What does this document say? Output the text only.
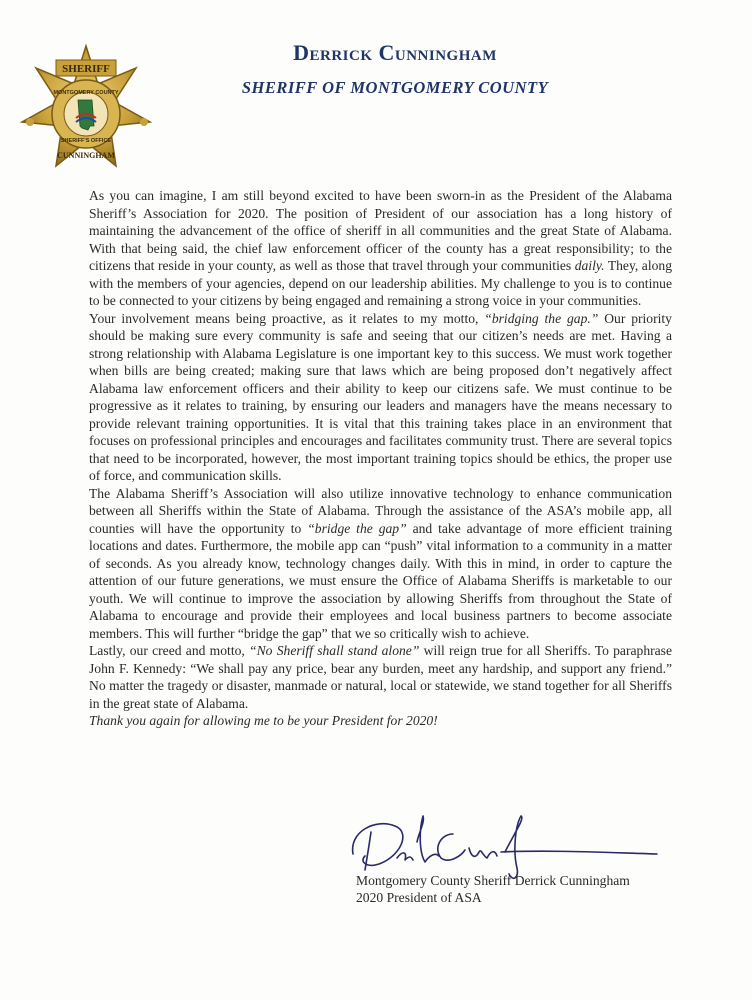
SHERIFF
MONTGOMERY COUNTY
SHERIFF'S OFFICE
CUNNINGHAM
Derrick Cunningham
SHERIFF OF MONTGOMERY COUNTY

As you can imagine, I am still beyond excited to have been sworn-in as the President of the Alabama Sheriff’s Association for 2020. The position of President of our association has a long history of maintaining the advancement of the office of sheriff in all communities and the great State of Alabama. With that being said, the chief law enforcement officer of the county has a great responsibility; to the citizens that reside in your county, as well as those that travel through your communities daily. They, along with the members of your agencies, depend on our leadership abilities. My challenge to you is to continue to be connected to your citizens by being engaged and remaining a strong voice in your communities.

Your involvement means being proactive, as it relates to my motto, “bridging the gap.” Our priority should be making sure every community is safe and seeing that our citizen’s needs are met. Having a strong relationship with Alabama Legislature is one important key to this success. We must work together when bills are being created; making sure that laws which are being proposed don’t negatively affect Alabama law enforcement officers and their ability to keep our citizens safe. We must continue to be progressive as it relates to training, by ensuring our leaders and managers have the means necessary to provide relevant training opportunities. It is vital that this training takes place in an environment that focuses on professional principles and encourages and facilitates community trust. There are several topics that need to be incorporated, however, the most important training topics should be ethics, the proper use of force, and communication skills.

The Alabama Sheriff’s Association will also utilize innovative technology to enhance communication between all Sheriffs within the State of Alabama. Through the assistance of the ASA’s mobile app, all counties will have the opportunity to “bridge the gap” and take advantage of more efficient training locations and dates. Furthermore, the mobile app can “push” vital information to a community in a matter of seconds. As you already know, technology changes daily. With this in mind, in order to capture the attention of our future generations, we must ensure the Office of Alabama Sheriffs is marketable to our youth. We will continue to improve the association by allowing Sheriffs from throughout the State of Alabama to encourage and provide their employees and local business partners to become associate members. This will further “bridge the gap” that we so critically wish to achieve.

Lastly, our creed and motto, “No Sheriff shall stand alone” will reign true for all Sheriffs. To paraphrase John F. Kennedy: “We shall pay any price, bear any burden, meet any hardship, and support any friend.” No matter the tragedy or disaster, manmade or natural, local or statewide, we stand together for all Sheriffs in the great state of Alabama.

Thank you again for allowing me to be your President for 2020!

Montgomery County Sheriff Derrick Cunningham
2020 President of ASA
